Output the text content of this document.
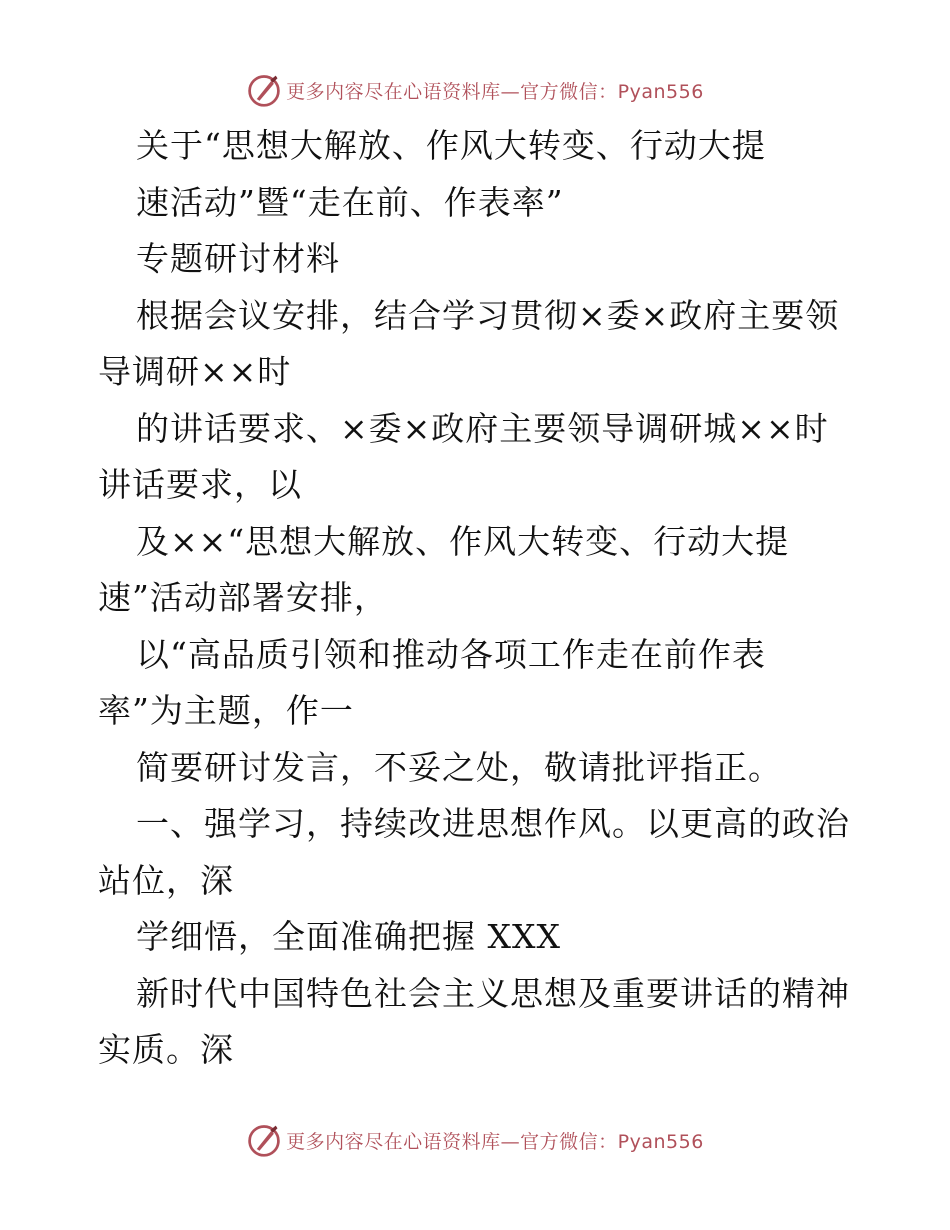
更多内容尽在心语资料库—官方微信：Pyan556
关于“思想大解放、作风大转变、行动大提
速活动”暨“走在前、作表率”
专题研讨材料
根据会议安排，结合学习贯彻×委×政府主要领
导调研××时
的讲话要求、×委×政府主要领导调研城××时
讲话要求，以
及××“思想大解放、作风大转变、行动大提
速”活动部署安排，
以“高品质引领和推动各项工作走在前作表
率”为主题，作一
简要研讨发言，不妥之处，敬请批评指正。
一、强学习，持续改进思想作风。以更高的政治
站位，深
学细悟，全面准确把握 XXX
新时代中国特色社会主义思想及重要讲话的精神
实质。深
更多内容尽在心语资料库—官方微信：Pyan556
